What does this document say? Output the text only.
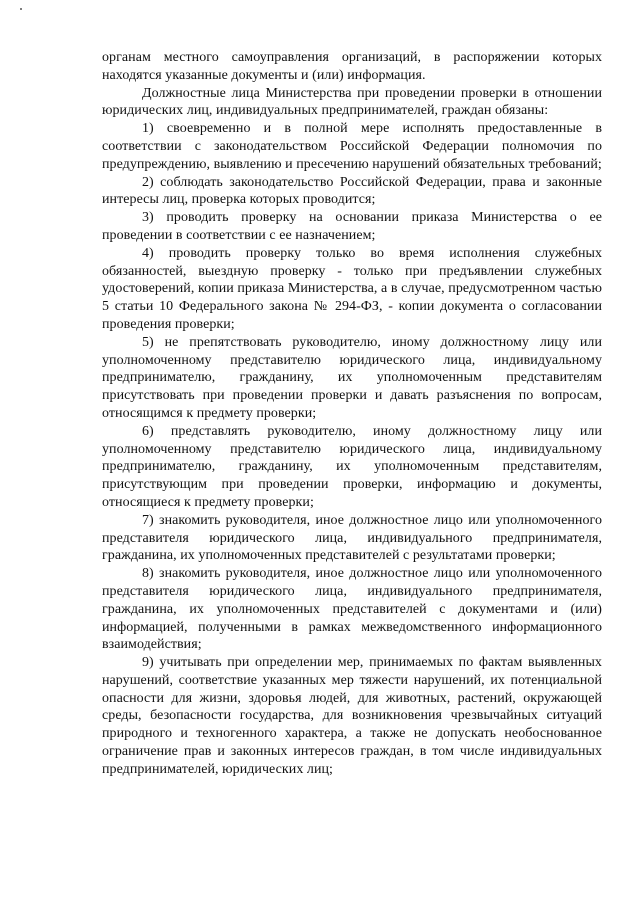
органам местного самоуправления организаций, в распоряжении которых находятся указанные документы и (или) информация.

Должностные лица Министерства при проведении проверки в отношении юридических лиц, индивидуальных предпринимателей, граждан обязаны:

1) своевременно и в полной мере исполнять предоставленные в соответствии с законодательством Российской Федерации полномочия по предупреждению, выявлению и пресечению нарушений обязательных требований;

2) соблюдать законодательство Российской Федерации, права и законные интересы лиц, проверка которых проводится;

3) проводить проверку на основании приказа Министерства о ее проведении в соответствии с ее назначением;

4) проводить проверку только во время исполнения служебных обязанностей, выездную проверку - только при предъявлении служебных удостоверений, копии приказа Министерства, а в случае, предусмотренном частью 5 статьи 10 Федерального закона № 294-ФЗ, - копии документа о согласовании проведения проверки;

5) не препятствовать руководителю, иному должностному лицу или уполномоченному представителю юридического лица, индивидуальному предпринимателю, гражданину, их уполномоченным представителям присутствовать при проведении проверки и давать разъяснения по вопросам, относящимся к предмету проверки;

6) представлять руководителю, иному должностному лицу или уполномоченному представителю юридического лица, индивидуальному предпринимателю, гражданину, их уполномоченным представителям, присутствующим при проведении проверки, информацию и документы, относящиеся к предмету проверки;

7) знакомить руководителя, иное должностное лицо или уполномоченного представителя юридического лица, индивидуального предпринимателя, гражданина, их уполномоченных представителей с результатами проверки;

8) знакомить руководителя, иное должностное лицо или уполномоченного представителя юридического лица, индивидуального предпринимателя, гражданина, их уполномоченных представителей с документами и (или) информацией, полученными в рамках межведомственного информационного взаимодействия;

9) учитывать при определении мер, принимаемых по фактам выявленных нарушений, соответствие указанных мер тяжести нарушений, их потенциальной опасности для жизни, здоровья людей, для животных, растений, окружающей среды, безопасности государства, для возникновения чрезвычайных ситуаций природного и техногенного характера, а также не допускать необоснованное ограничение прав и законных интересов граждан, в том числе индивидуальных предпринимателей, юридических лиц;
